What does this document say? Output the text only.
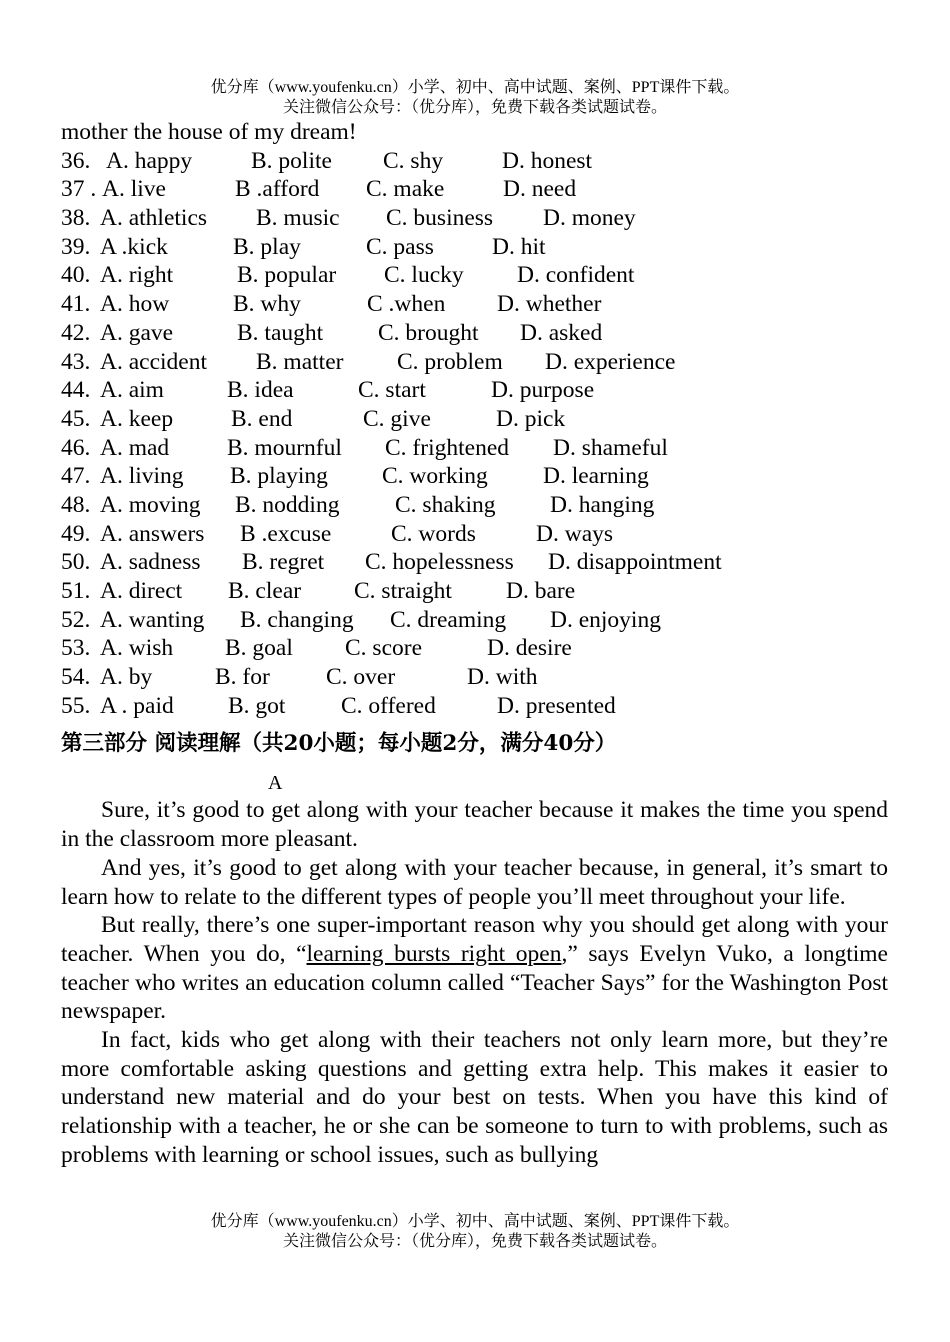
优分库（www.youfenku.cn）小学、初中、高中试题、案例、PPT课件下载。
关注微信公众号：（优分库），免费下载各类试题试卷。
mother the house of my dream!
36. A. happy	B. polite C. shy	D. honest
37 . A. live	B .afford C. make D. need
38. A. athletics B. music C. business D. money
39. A .kick	B. play	C. pass D. hit
40. A. right	B. popular C. lucky D. confident
41. A. how	B. why	C .when D. whether
42. A. gave	B. taught C. brought D. asked
43. A. accident B. matter C. problem D. experience
44. A. aim	B. idea	C. start	D. purpose
45. A. keep B. end	C. give	D. pick
46. A. mad B. mournful C. frightened D. shameful
47. A. living B. playing C. working D. learning
48. A. moving B. nodding C. shaking D. hanging
49. A. answers B .excuse	C. words	D. ways
50. A. sadness B. regret C. hopelessness D. disappointment
51. A. direct B. clear C. straight D. bare
52. A. wanting B. changing C. dreaming D. enjoying
53. A. wish B. goal C. score	D. desire
54. A. by	B. for C. over	D. with
55. A . paid B. got C. offered	D. presented
第三部分 阅读理解（共20小题；每小题2分，满分40分）
A

Sure, it’s good to get along with your teacher because it makes the time you spend in the classroom more pleasant.

And yes, it’s good to get along with your teacher because, in general, it’s smart to learn how to relate to the different types of people you’ll meet throughout your life.

But really, there’s one super-important reason why you should get along with your teacher. When you do, “learning bursts right open,” says Evelyn Vuko, a longtime teacher who writes an education column called “Teacher Says” for the Washington Post newspaper.

In fact, kids who get along with their teachers not only learn more, but they’re more comfortable asking questions and getting extra help. This makes it easier to understand new material and do your best on tests. When you have this kind of relationship with a teacher, he or she can be someone to turn to with problems, such as problems with learning or school issues, such as bullying

优分库（www.youfenku.cn）小学、初中、高中试题、案例、PPT课件下载。
关注微信公众号：（优分库），免费下载各类试题试卷。
